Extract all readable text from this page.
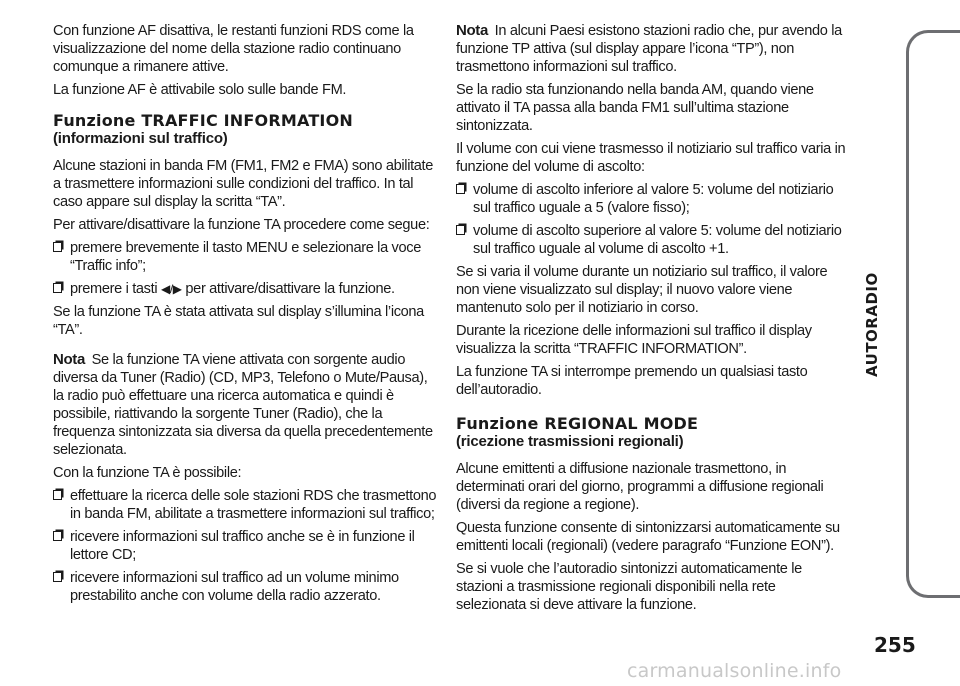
Con funzione AF disattiva, le restanti funzioni RDS come la visualizzazione del nome della stazione radio continuano comunque a rimanere attive.

La funzione AF è attivabile solo sulle bande FM.

Funzione TRAFFIC INFORMATION
(informazioni sul traffico)

Alcune stazioni in banda FM (FM1, FM2 e FMA) sono abilitate a trasmettere informazioni sulle condizioni del traffico. In tal caso appare sul display la scritta “TA”.

Per attivare/disattivare la funzione TA procedere come segue:

premere brevemente il tasto MENU e selezionare la voce “Traffic info”;
premere i tasti ◀/▶ per attivare/disattivare la funzione.

Se la funzione TA è stata attivata sul display s’illumina l’icona “TA”.

Nota Se la funzione TA viene attivata con sorgente audio diversa da Tuner (Radio) (CD, MP3, Telefono o Mute/Pausa), la radio può effettuare una ricerca automatica e quindi è possibile, riattivando la sorgente Tuner (Radio), che la frequenza sintonizzata sia diversa da quella precedentemente selezionata.

Con la funzione TA è possibile:

effettuare la ricerca delle sole stazioni RDS che trasmettono in banda FM, abilitate a trasmettere informazioni sul traffico;
ricevere informazioni sul traffico anche se è in funzione il lettore CD;
ricevere informazioni sul traffico ad un volume minimo prestabilito anche con volume della radio azzerato.

Nota In alcuni Paesi esistono stazioni radio che, pur avendo la funzione TP attiva (sul display appare l’icona “TP”), non trasmettono informazioni sul traffico.

Se la radio sta funzionando nella banda AM, quando viene attivato il TA passa alla banda FM1 sull’ultima stazione sintonizzata.

Il volume con cui viene trasmesso il notiziario sul traffico varia in funzione del volume di ascolto:

volume di ascolto inferiore al valore 5: volume del notiziario sul traffico uguale a 5 (valore fisso);
volume di ascolto superiore al valore 5: volume del notiziario sul traffico uguale al volume di ascolto +1.

Se si varia il volume durante un notiziario sul traffico, il valore non viene visualizzato sul display; il nuovo valore viene mantenuto solo per il notiziario in corso.

Durante la ricezione delle informazioni sul traffico il display visualizza la scritta “TRAFFIC INFORMATION”.

La funzione TA si interrompe premendo un qualsiasi tasto dell’autoradio.

Funzione REGIONAL MODE
(ricezione trasmissioni regionali)

Alcune emittenti a diffusione nazionale trasmettono, in determinati orari del giorno, programmi a diffusione regionali (diversi da regione a regione).

Questa funzione consente di sintonizzarsi automaticamente su emittenti locali (regionali) (vedere paragrafo “Funzione EON”).

Se si vuole che l’autoradio sintonizzi automaticamente le stazioni a trasmissione regionali disponibili nella rete selezionata si deve attivare la funzione.

AUTORADIO
255
carmanualsonline.info
